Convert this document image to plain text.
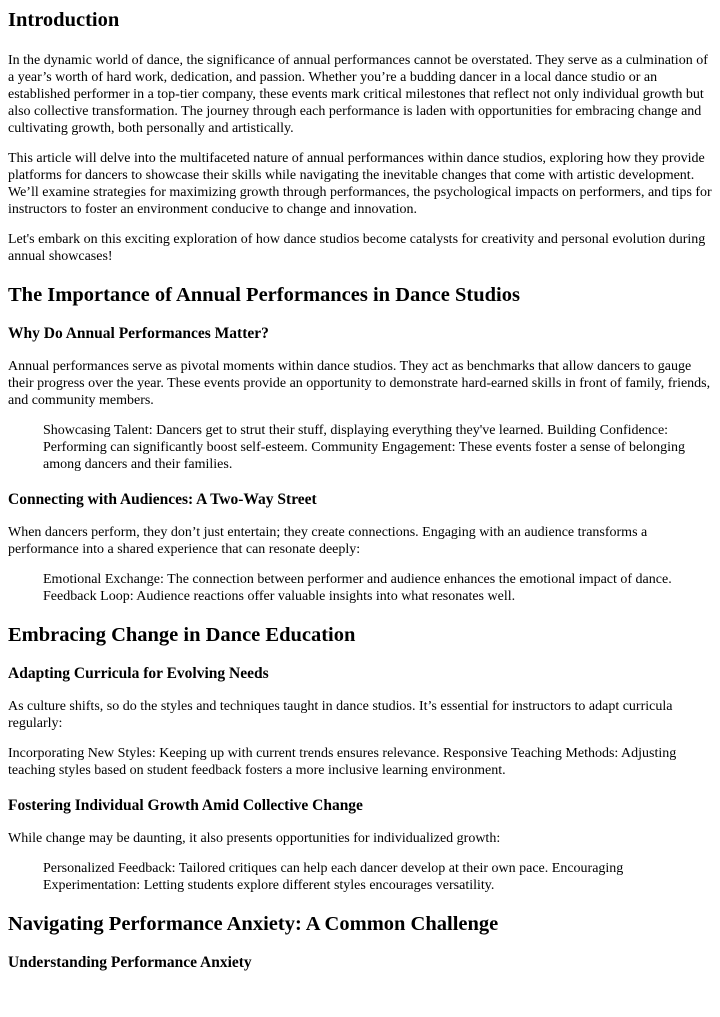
Introduction

In the dynamic world of dance, the significance of annual performances cannot be overstated. They serve as a culmination of a year’s worth of hard work, dedication, and passion. Whether you’re a budding dancer in a local dance studio or an established performer in a top-tier company, these events mark critical milestones that reflect not only individual growth but also collective transformation. The journey through each performance is laden with opportunities for embracing change and cultivating growth, both personally and artistically.

This article will delve into the multifaceted nature of annual performances within dance studios, exploring how they provide platforms for dancers to showcase their skills while navigating the inevitable changes that come with artistic development. We’ll examine strategies for maximizing growth through performances, the psychological impacts on performers, and tips for instructors to foster an environment conducive to change and innovation.

Let's embark on this exciting exploration of how dance studios become catalysts for creativity and personal evolution during annual showcases!

The Importance of Annual Performances in Dance Studios
Why Do Annual Performances Matter?

Annual performances serve as pivotal moments within dance studios. They act as benchmarks that allow dancers to gauge their progress over the year. These events provide an opportunity to demonstrate hard-earned skills in front of family, friends, and community members.

Showcasing Talent: Dancers get to strut their stuff, displaying everything they've learned. Building Confidence: Performing can significantly boost self-esteem. Community Engagement: These events foster a sense of belonging among dancers and their families.
Connecting with Audiences: A Two-Way Street

When dancers perform, they don’t just entertain; they create connections. Engaging with an audience transforms a performance into a shared experience that can resonate deeply:

Emotional Exchange: The connection between performer and audience enhances the emotional impact of dance. Feedback Loop: Audience reactions offer valuable insights into what resonates well.
Embracing Change in Dance Education
Adapting Curricula for Evolving Needs

As culture shifts, so do the styles and techniques taught in dance studios. It’s essential for instructors to adapt curricula regularly:

Incorporating New Styles: Keeping up with current trends ensures relevance. Responsive Teaching Methods: Adjusting teaching styles based on student feedback fosters a more inclusive learning environment.

Fostering Individual Growth Amid Collective Change

While change may be daunting, it also presents opportunities for individualized growth:

Personalized Feedback: Tailored critiques can help each dancer develop at their own pace. Encouraging Experimentation: Letting students explore different styles encourages versatility.
Navigating Performance Anxiety: A Common Challenge
Understanding Performance Anxiety
